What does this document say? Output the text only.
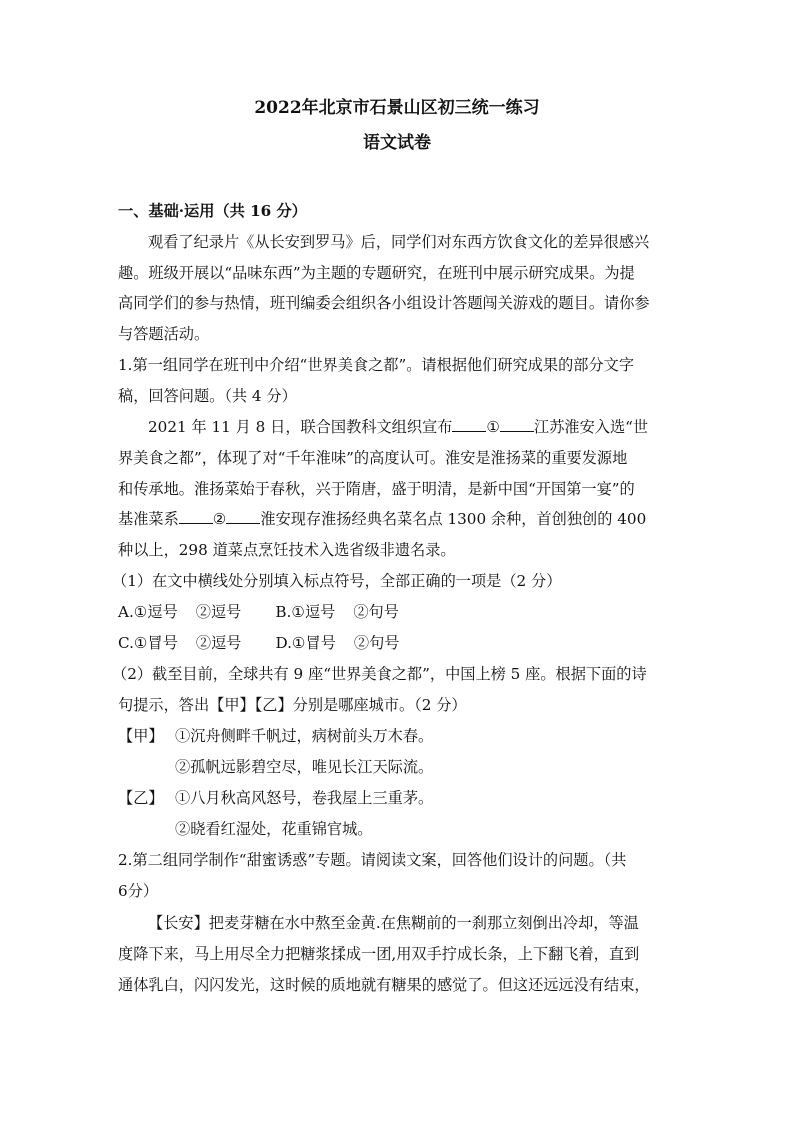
2022年北京市石景山区初三统一练习
语文试卷
一、基础·运用（共 16 分）
观看了纪录片《从长安到罗马》后，同学们对东西方饮食文化的差异很感兴
趣。班级开展以“品味东西”为主题的专题研究，在班刊中展示研究成果。为提
高同学们的参与热情，班刊编委会组织各小组设计答题闯关游戏的题目。请你参
与答题活动。
1.第一组同学在班刊中介绍“世界美食之都”。请根据他们研究成果的部分文字
稿，回答问题。（共 4 分）
2021 年 11 月 8 日，联合国教科文组织宣布 ① 江苏淮安入选“世
界美食之都”，体现了对“千年淮味”的高度认可。淮安是淮扬菜的重要发源地
和传承地。淮扬菜始于春秋，兴于隋唐，盛于明清，是新中国“开国第一宴”的
基准菜系 ② 淮安现存淮扬经典名菜名点 1300 余种，首创独创的 400
种以上，298 道菜点烹饪技术入选省级非遗名录。
（1）在文中横线处分别填入标点符号，全部正确的一项是（2 分）
A.①逗号 ②逗号 B.①逗号 ②句号
C.①冒号 ②逗号 D.①冒号 ②句号
（2）截至目前，全球共有 9 座“世界美食之都”，中国上榜 5 座。根据下面的诗
句提示，答出【甲】【乙】分别是哪座城市。（2 分）
【甲】 ①沉舟侧畔千帆过，病树前头万木春。
②孤帆远影碧空尽，唯见长江天际流。
【乙】 ①八月秋高风怒号，卷我屋上三重茅。
②晓看红湿处，花重锦官城。
2.第二组同学制作“甜蜜诱惑”专题。请阅读文案，回答他们设计的问题。（共
6分）
【长安】把麦芽糖在水中熬至金黄.在焦糊前的一刹那立刻倒出冷却，等温
度降下来，马上用尽全力把糖浆揉成一团,用双手拧成长条，上下翻飞着，直到
通体乳白，闪闪发光，这时候的质地就有糖果的感觉了。但这还远远没有结束，
